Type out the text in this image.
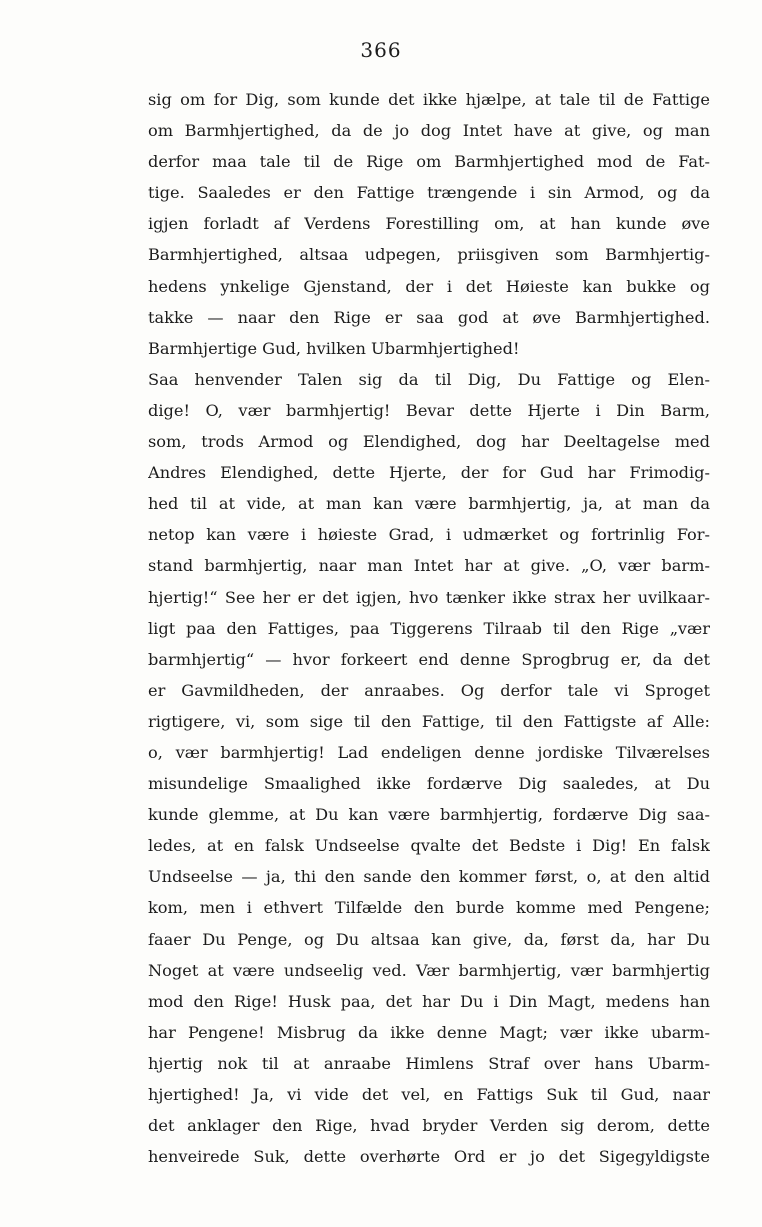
366
sig om for Dig, som kunde det ikke hjælpe, at tale til de Fattige
om Barmhjertighed, da de jo dog Intet have at give, og man
derfor maa tale til de Rige om Barmhjertighed mod de Fat-
tige. Saaledes er den Fattige trængende i sin Armod, og da
igjen forladt af Verdens Forestilling om, at han kunde øve
Barmhjertighed, altsaa udpegen, priisgiven som Barmhjertig-
hedens ynkelige Gjenstand, der i det Høieste kan bukke og
takke — naar den Rige er saa god at øve Barmhjertighed.
Barmhjertige Gud, hvilken Ubarmhjertighed!
Saa henvender Talen sig da til Dig, Du Fattige og Elen-
dige! O, vær barmhjertig! Bevar dette Hjerte i Din Barm,
som, trods Armod og Elendighed, dog har Deeltagelse med
Andres Elendighed, dette Hjerte, der for Gud har Frimodig-
hed til at vide, at man kan være barmhjertig, ja, at man da
netop kan være i høieste Grad, i udmærket og fortrinlig For-
stand barmhjertig, naar man Intet har at give. „O, vær barm-
hjertig!“ See her er det igjen, hvo tænker ikke strax her uvilkaar-
ligt paa den Fattiges, paa Tiggerens Tilraab til den Rige „vær
barmhjertig“ — hvor forkeert end denne Sprogbrug er, da det
er Gavmildheden, der anraabes. Og derfor tale vi Sproget
rigtigere, vi, som sige til den Fattige, til den Fattigste af Alle:
o, vær barmhjertig! Lad endeligen denne jordiske Tilværelses
misundelige Smaalighed ikke fordærve Dig saaledes, at Du
kunde glemme, at Du kan være barmhjertig, fordærve Dig saa-
ledes, at en falsk Undseelse qvalte det Bedste i Dig! En falsk
Undseelse — ja, thi den sande den kommer først, o, at den altid
kom, men i ethvert Tilfælde den burde komme med Pengene;
faaer Du Penge, og Du altsaa kan give, da, først da, har Du
Noget at være undseelig ved. Vær barmhjertig, vær barmhjertig
mod den Rige! Husk paa, det har Du i Din Magt, medens han
har Pengene! Misbrug da ikke denne Magt; vær ikke ubarm-
hjertig nok til at anraabe Himlens Straf over hans Ubarm-
hjertighed! Ja, vi vide det vel, en Fattigs Suk til Gud, naar
det anklager den Rige, hvad bryder Verden sig derom, dette
henveirede Suk, dette overhørte Ord er jo det Sigegyldigste
